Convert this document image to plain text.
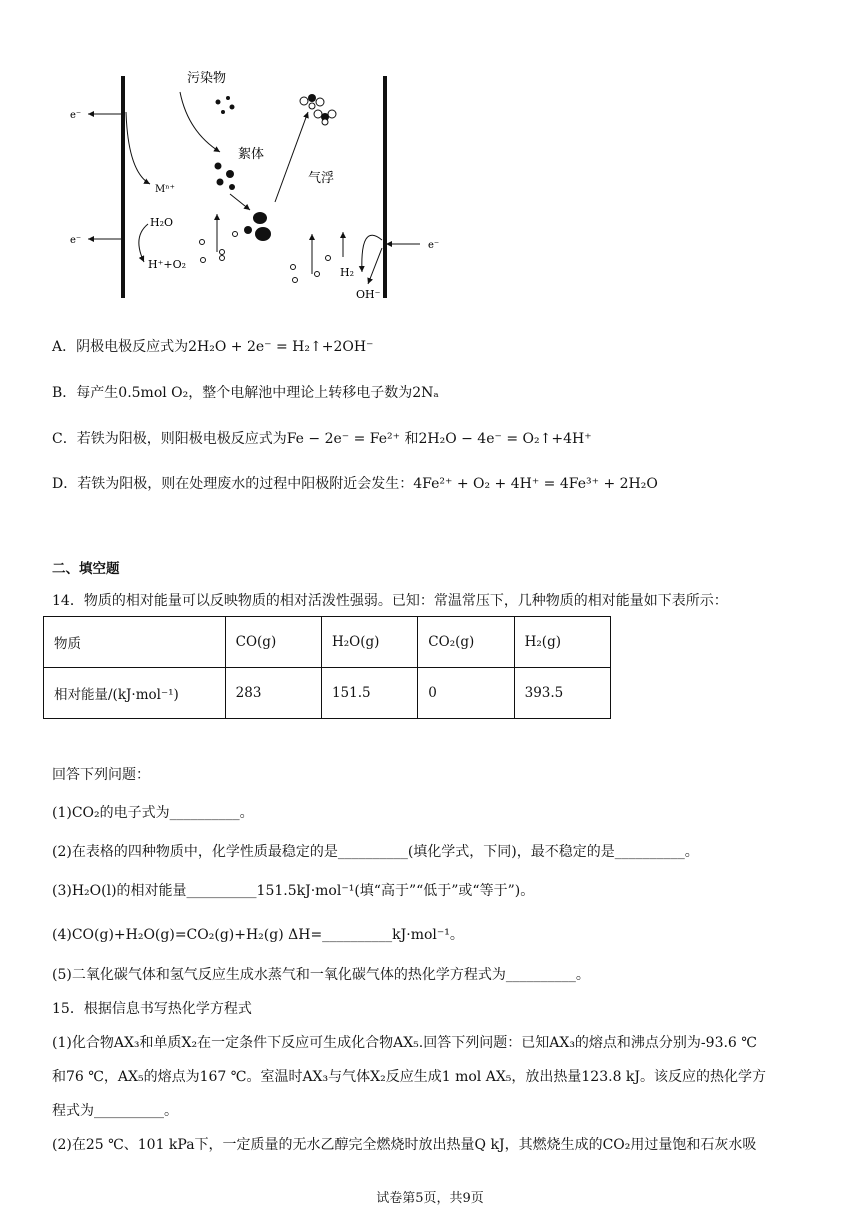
e⁻
e⁻
Mⁿ⁺
H₂O
H⁺+O₂
污染物
絮体
气浮
H₂
e⁻
OH⁻
A．阴极电极反应式为2H₂O + 2e⁻ = H₂↑+2OH⁻
B．每产生0.5mol O₂，整个电解池中理论上转移电子数为2Nₐ
C．若铁为阳极，则阳极电极反应式为Fe − 2e⁻ = Fe²⁺ 和2H₂O − 4e⁻ = O₂↑+4H⁺
D．若铁为阳极，则在处理废水的过程中阳极附近会发生：4Fe²⁺ + O₂ + 4H⁺ = 4Fe³⁺ + 2H₂O
二、填空题
14．物质的相对能量可以反映物质的相对活泼性强弱。已知：常温常压下，几种物质的相对能量如下表所示：
物质	CO(g)	H₂O(g)	CO₂(g)	H₂(g)
相对能量/(kJ·mol⁻¹)	283	151.5	0	393.5
回答下列问题：
(1)CO₂的电子式为__________。
(2)在表格的四种物质中，化学性质最稳定的是__________(填化学式，下同)，最不稳定的是__________。
(3)H₂O(l)的相对能量__________151.5kJ·mol⁻¹(填“高于”“低于”或“等于”)。
(4)CO(g)+H₂O(g)=CO₂(g)+H₂(g) ΔH=__________kJ·mol⁻¹。
(5)二氧化碳气体和氢气反应生成水蒸气和一氧化碳气体的热化学方程式为__________。
15．根据信息书写热化学方程式
(1)化合物AX₃和单质X₂在一定条件下反应可生成化合物AX₅.回答下列问题：已知AX₃的熔点和沸点分别为-93.6 ℃
和76 ℃，AX₅的熔点为167 ℃。室温时AX₃与气体X₂反应生成1 mol AX₅，放出热量123.8 kJ。该反应的热化学方
程式为__________。
(2)在25 ℃、101 kPa下，一定质量的无水乙醇完全燃烧时放出热量Q kJ，其燃烧生成的CO₂用过量饱和石灰水吸
试卷第5页，共9页
